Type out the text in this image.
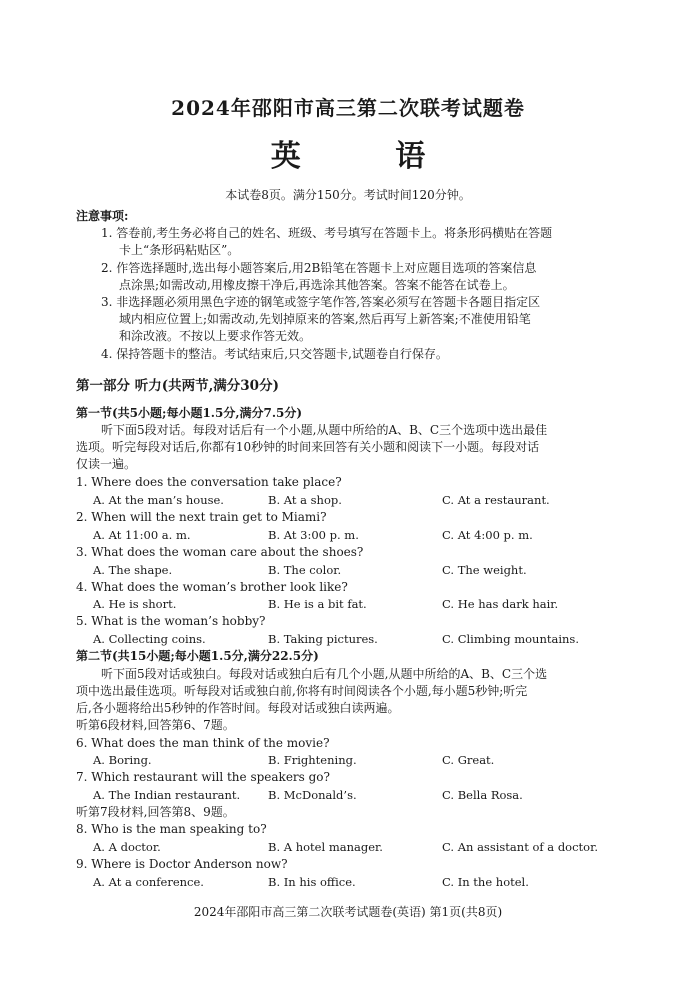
2024年邵阳市高三第二次联考试题卷
英 语
本试卷8页。满分150分。考试时间120分钟。
注意事项:
1. 答卷前,考生务必将自己的姓名、班级、考号填写在答题卡上。将条形码横贴在答题
卡上“条形码粘贴区”。
2. 作答选择题时,选出每小题答案后,用2B铅笔在答题卡上对应题目选项的答案信息
点涂黑;如需改动,用橡皮擦干净后,再选涂其他答案。答案不能答在试卷上。
3. 非选择题必须用黑色字迹的钢笔或签字笔作答,答案必须写在答题卡各题目指定区
域内相应位置上;如需改动,先划掉原来的答案,然后再写上新答案;不准使用铅笔
和涂改液。不按以上要求作答无效。
4. 保持答题卡的整洁。考试结束后,只交答题卡,试题卷自行保存。
第一部分 听力(共两节,满分30分)
第一节(共5小题;每小题1.5分,满分7.5分)
听下面5段对话。每段对话后有一个小题,从题中所给的A、B、C三个选项中选出最佳
选项。听完每段对话后,你都有10秒钟的时间来回答有关小题和阅读下一小题。每段对话
仅读一遍。
1. Where does the conversation take place?
A. At the man’s house.	B. At a shop.	C. At a restaurant.
2. When will the next train get to Miami?
A. At 11:00 a. m.	B. At 3:00 p. m.	C. At 4:00 p. m.
3. What does the woman care about the shoes?
A. The shape.	B. The color.	C. The weight.
4. What does the woman’s brother look like?
A. He is short.	B. He is a bit fat.	C. He has dark hair.
5. What is the woman’s hobby?
A. Collecting coins.	B. Taking pictures.	C. Climbing mountains.
第二节(共15小题;每小题1.5分,满分22.5分)
听下面5段对话或独白。每段对话或独白后有几个小题,从题中所给的A、B、C三个选
项中选出最佳选项。听每段对话或独白前,你将有时间阅读各个小题,每小题5秒钟;听完
后,各小题将给出5秒钟的作答时间。每段对话或独白读两遍。
听第6段材料,回答第6、7题。
6. What does the man think of the movie?
A. Boring.	B. Frightening.	C. Great.
7. Which restaurant will the speakers go?
A. The Indian restaurant. B. McDonald’s.	C. Bella Rosa.
听第7段材料,回答第8、9题。
8. Who is the man speaking to?
A. A doctor.	B. A hotel manager.	C. An assistant of a doctor.
9. Where is Doctor Anderson now?
A. At a conference.	B. In his office.	C. In the hotel.
2024年邵阳市高三第二次联考试题卷(英语) 第1页(共8页)
